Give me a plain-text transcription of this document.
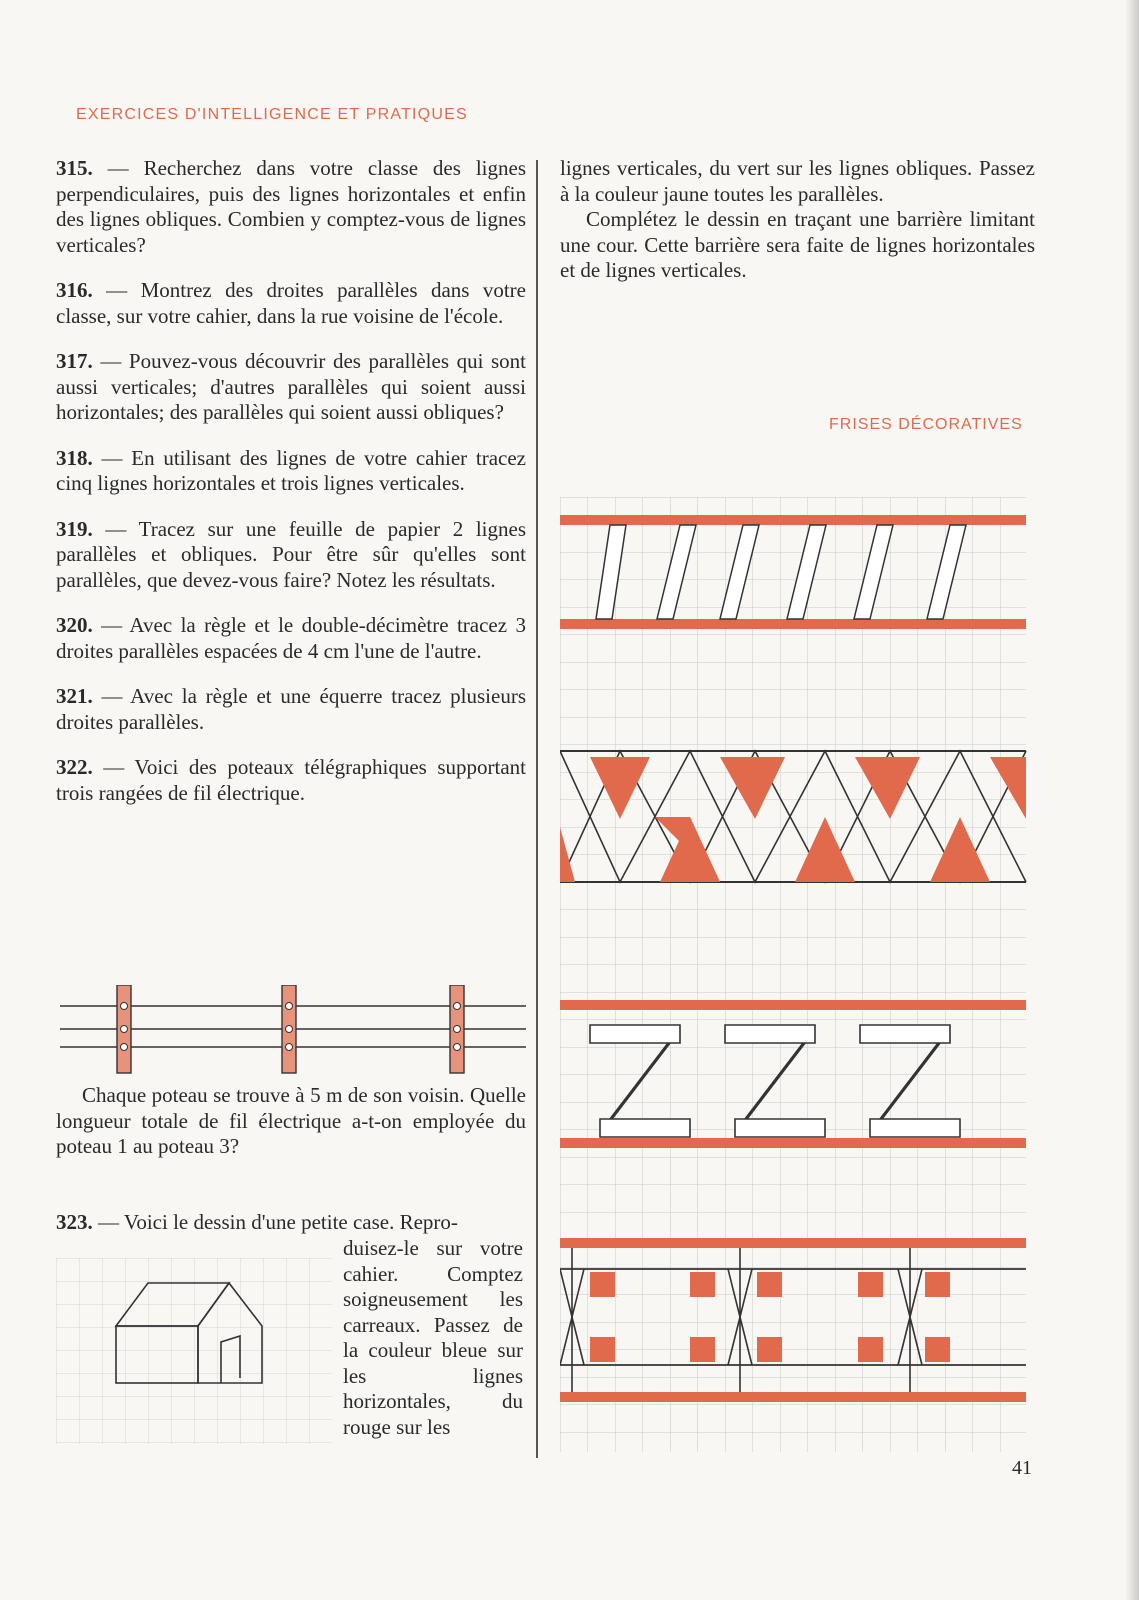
EXERCICES D'INTELLIGENCE ET PRATIQUES

315. — Recherchez dans votre classe des lignes perpendiculaires, puis des lignes horizontales et enfin des lignes obliques. Combien y comptez-vous de lignes verticales?

316. — Montrez des droites parallèles dans votre classe, sur votre cahier, dans la rue voisine de l'école.

317. — Pouvez-vous découvrir des parallèles qui sont aussi verticales; d'autres parallèles qui soient aussi horizontales; des parallèles qui soient aussi obliques?

318. — En utilisant des lignes de votre cahier tracez cinq lignes horizontales et trois lignes verticales.

319. — Tracez sur une feuille de papier 2 lignes parallèles et obliques. Pour être sûr qu'elles sont parallèles, que devez-vous faire? Notez les résultats.

320. — Avec la règle et le double-décimètre tracez 3 droites parallèles espacées de 4 cm l'une de l'autre.

321. — Avec la règle et une équerre tracez plusieurs droites parallèles.

322. — Voici des poteaux télégraphiques supportant trois rangées de fil électrique.

Chaque poteau se trouve à 5 m de son voisin. Quelle longueur totale de fil électrique a-t-on employée du poteau 1 au poteau 3?

323. — Voici le dessin d'une petite case. Repro-

duisez-le sur votre cahier. Comptez soigneusement les carreaux. Passez de la couleur bleue sur les lignes horizontales, du rouge sur les

lignes verticales, du vert sur les lignes obliques. Passez à la couleur jaune toutes les parallèles.

Complétez le dessin en traçant une barrière limitant une cour. Cette barrière sera faite de lignes horizontales et de lignes verticales.

FRISES DÉCORATIVES
41
